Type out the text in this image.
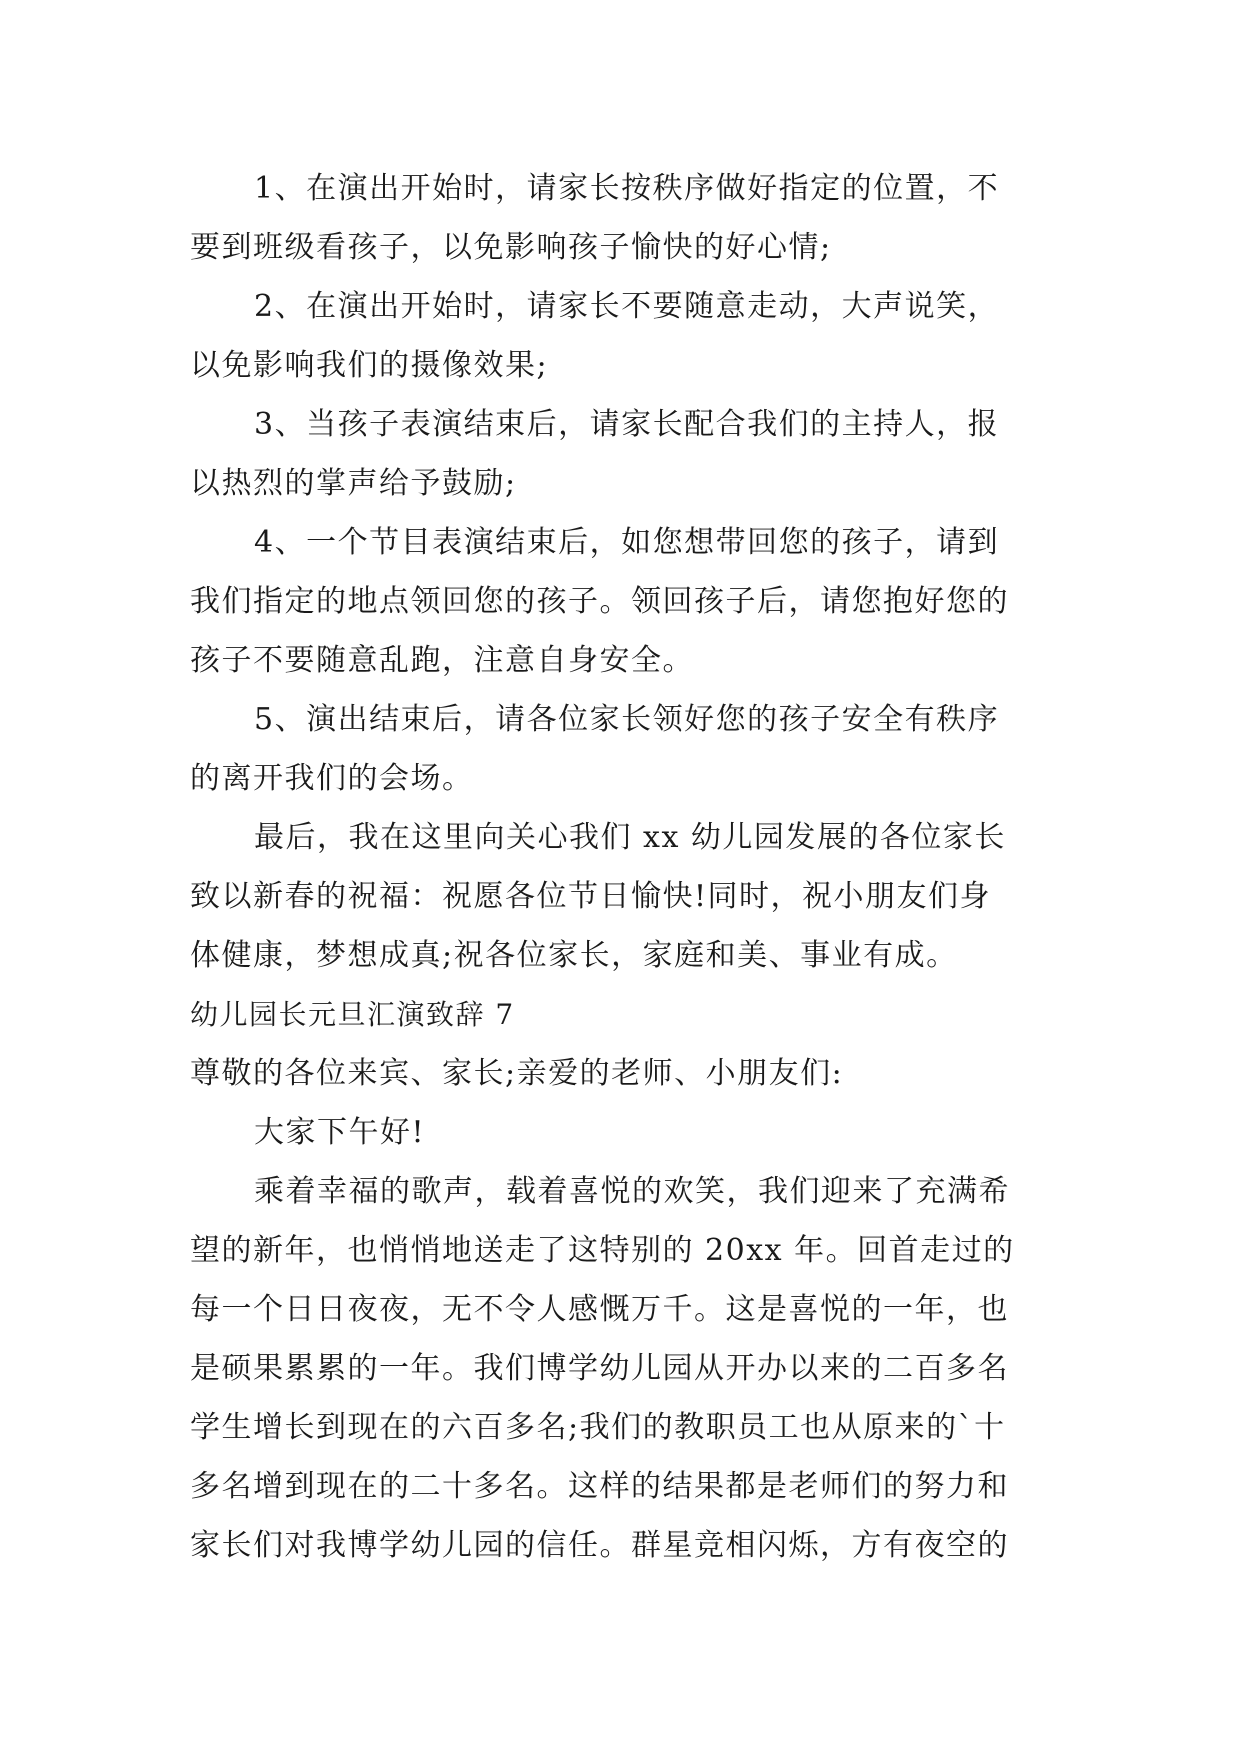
1、在演出开始时，请家长按秩序做好指定的位置，不
要到班级看孩子，以免影响孩子愉快的好心情;
2、在演出开始时，请家长不要随意走动，大声说笑，
以免影响我们的摄像效果;
3、当孩子表演结束后，请家长配合我们的主持人，报
以热烈的掌声给予鼓励;
4、一个节目表演结束后，如您想带回您的孩子，请到
我们指定的地点领回您的孩子。领回孩子后，请您抱好您的
孩子不要随意乱跑，注意自身安全。
5、演出结束后，请各位家长领好您的孩子安全有秩序
的离开我们的会场。
最后，我在这里向关心我们 xx 幼儿园发展的各位家长
致以新春的祝福：祝愿各位节日愉快!同时，祝小朋友们身
体健康，梦想成真;祝各位家长，家庭和美、事业有成。
幼儿园长元旦汇演致辞 7
尊敬的各位来宾、家长;亲爱的老师、小朋友们:
大家下午好!
乘着幸福的歌声，载着喜悦的欢笑，我们迎来了充满希
望的新年，也悄悄地送走了这特别的 20xx 年。回首走过的
每一个日日夜夜，无不令人感慨万千。这是喜悦的一年，也
是硕果累累的一年。我们博学幼儿园从开办以来的二百多名
学生增长到现在的六百多名;我们的教职员工也从原来的`十
多名增到现在的二十多名。这样的结果都是老师们的努力和
家长们对我博学幼儿园的信任。群星竞相闪烁，方有夜空的
